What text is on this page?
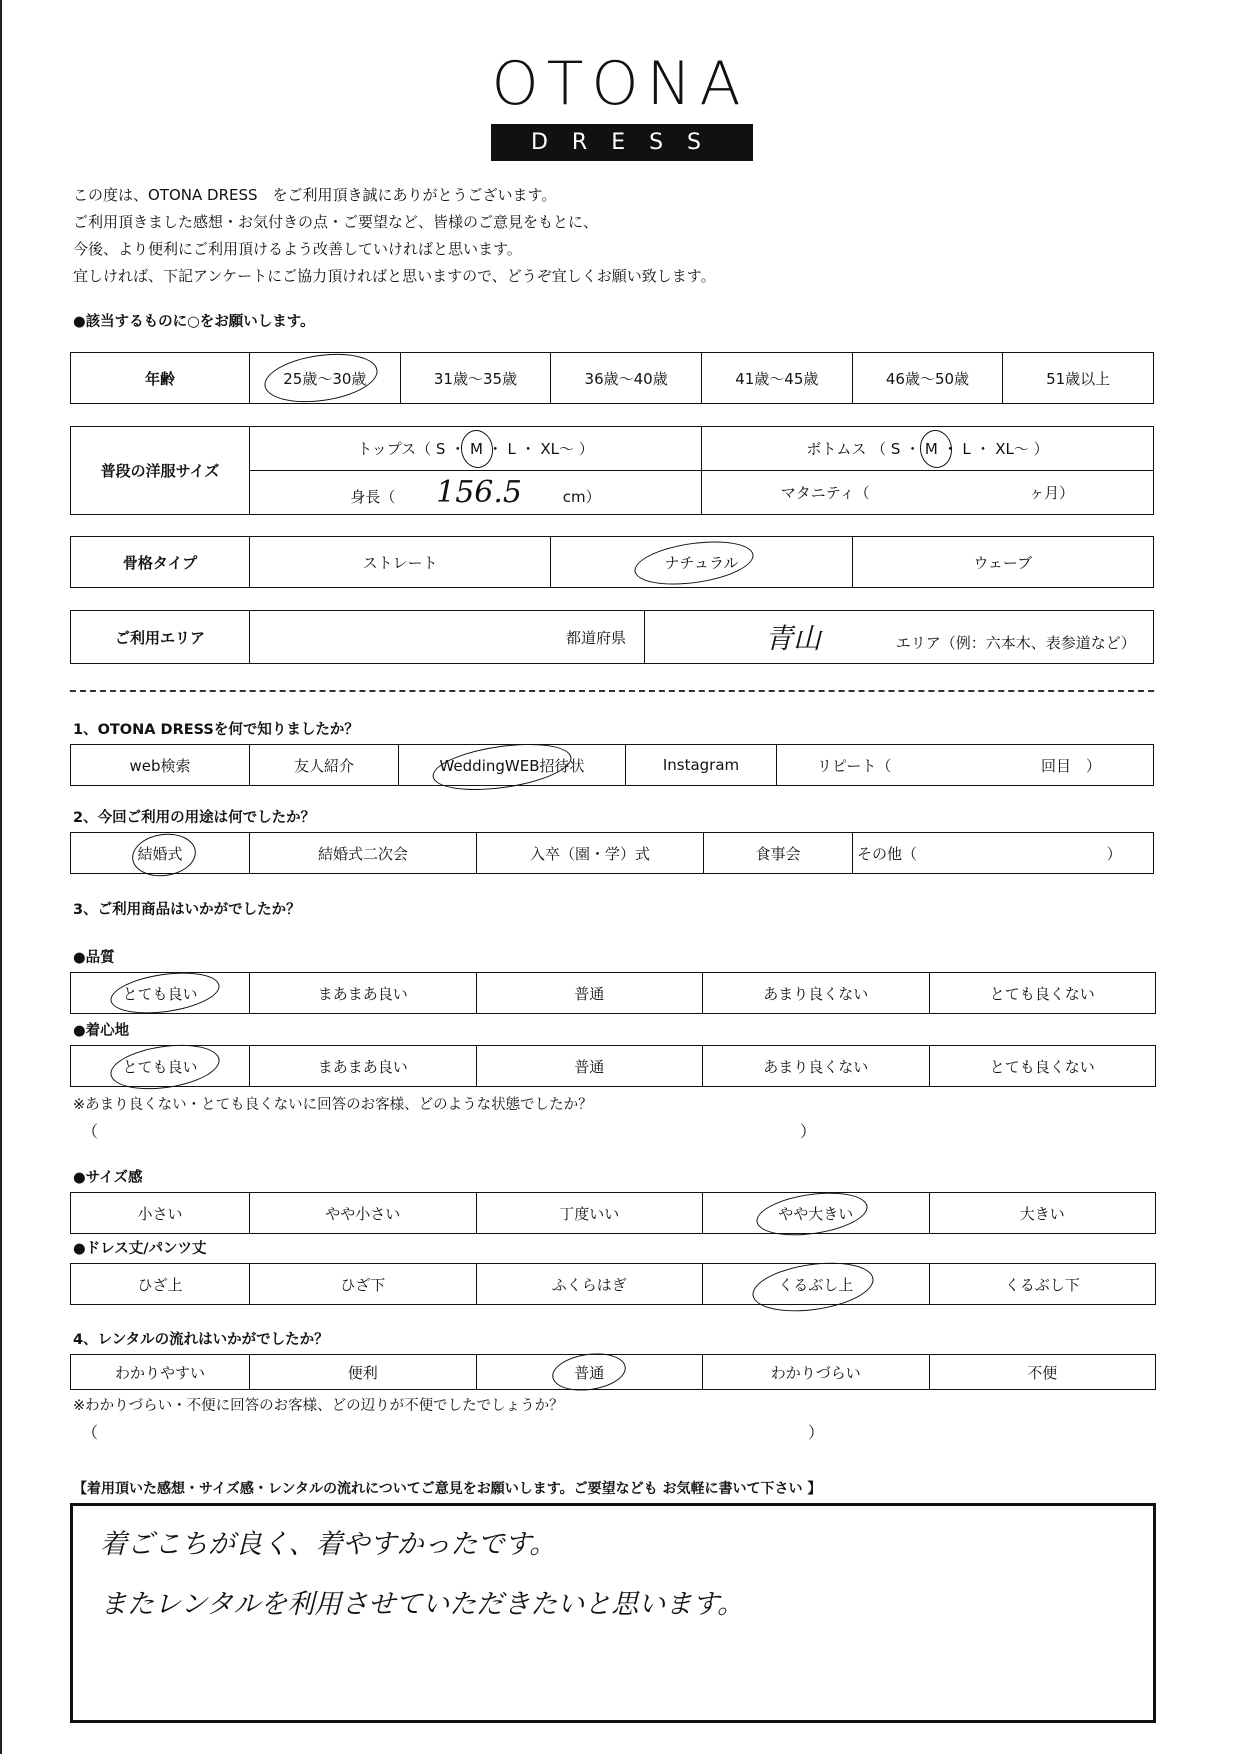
OTONA
DRESS
この度は、OTONA DRESS　をご利用頂き誠にありがとうございます。
ご利用頂きました感想・お気付きの点・ご要望など、皆様のご意見をもとに、
今後、より便利にご利用頂けるよう改善していければと思います。
宜しければ、下記アンケートにご協力頂ければと思いますので、どうぞ宜しくお願い致します。
●該当するものに○をお願いします。
年齢	25歳～30歳	31歳～35歳	36歳～40歳	41歳～45歳	46歳～50歳	51歳以上
普段の洋服サイズ	トップス（ S ・ M ・ L ・ XL～ ）	ボトムス （ S ・ M ・ L ・ XL～ ）
	身長（ 156.5 cm）	マタニティ（ ヶ月）
骨格タイプ	ストレート	ナチュラル	ウェーブ
ご利用エリア	都道府県	青山	エリア（例：六本木、表参道など）
1、OTONA DRESSを何で知りましたか？
web検索	友人紹介	WeddingWEB招待状	Instagram	リピート（	回目　）
2、今回ご利用の用途は何でしたか？
結婚式	結婚式二次会	入卒（園・学）式	食事会	その他（	）
3、ご利用商品はいかがでしたか？
●品質
とても良い	まあまあ良い	普通	あまり良くない	とても良くない
●着心地
とても良い	まあまあ良い	普通	あまり良くない	とても良くない
※あまり良くない・とても良くないに回答のお客様、どのような状態でしたか？
（	）
●サイズ感
小さい	やや小さい	丁度いい	やや大きい	大きい
●ドレス丈/パンツ丈
ひざ上	ひざ下	ふくらはぎ	くるぶし上	くるぶし下
4、レンタルの流れはいかがでしたか？
わかりやすい	便利	普通	わかりづらい	不便
※わかりづらい・不便に回答のお客様、どの辺りが不便でしたでしょうか？
（	）
【着用頂いた感想・サイズ感・レンタルの流れについてご意見をお願いします。ご要望なども お気軽に書いて下さい 】
着ごこちが良く、着やすかったです。
またレンタルを利用させていただきたいと思います。
